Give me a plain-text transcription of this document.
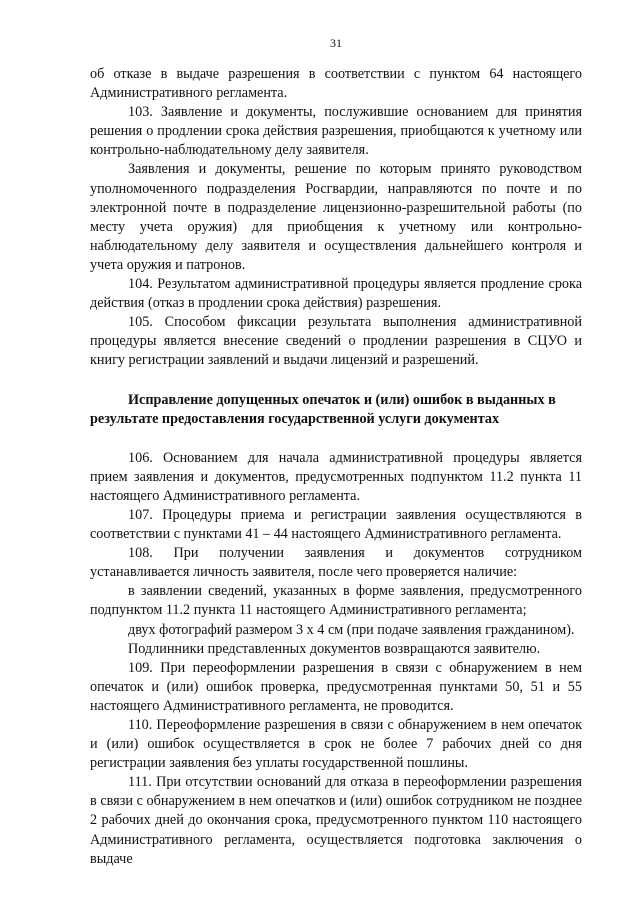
31

об отказе в выдаче разрешения в соответствии с пунктом 64 настоящего Административного регламента.

103. Заявление и документы, послужившие основанием для принятия решения о продлении срока действия разрешения, приобщаются к учетному или контрольно-наблюдательному делу заявителя.

Заявления и документы, решение по которым принято руководством уполномоченного подразделения Росгвардии, направляются по почте и по электронной почте в подразделение лицензионно-разрешительной работы (по месту учета оружия) для приобщения к учетному или контрольно-наблюдательному делу заявителя и осуществления дальнейшего контроля и учета оружия и патронов.

104. Результатом административной процедуры является продление срока действия (отказ в продлении срока действия) разрешения.

105. Способом фиксации результата выполнения административной процедуры является внесение сведений о продлении разрешения в СЦУО и книгу регистрации заявлений и выдачи лицензий и разрешений.

Исправление допущенных опечаток и (или) ошибок в выданных в результате предоставления государственной услуги документах

106. Основанием для начала административной процедуры является прием заявления и документов, предусмотренных подпунктом 11.2 пункта 11 настоящего Административного регламента.

107. Процедуры приема и регистрации заявления осуществляются в соответствии с пунктами 41 – 44 настоящего Административного регламента.

108. При получении заявления и документов сотрудником устанавливается личность заявителя, после чего проверяется наличие:

в заявлении сведений, указанных в форме заявления, предусмотренного подпунктом 11.2 пункта 11 настоящего Административного регламента;

двух фотографий размером 3 х 4 см (при подаче заявления гражданином).

Подлинники представленных документов возвращаются заявителю.

109. При переоформлении разрешения в связи с обнаружением в нем опечаток и (или) ошибок проверка, предусмотренная пунктами 50, 51 и 55 настоящего Административного регламента, не проводится.

110. Переоформление разрешения в связи с обнаружением в нем опечаток и (или) ошибок осуществляется в срок не более 7 рабочих дней со дня регистрации заявления без уплаты государственной пошлины.

111. При отсутствии оснований для отказа в переоформлении разрешения в связи с обнаружением в нем опечатков и (или) ошибок сотрудником не позднее 2 рабочих дней до окончания срока, предусмотренного пунктом 110 настоящего Административного регламента, осуществляется подготовка заключения о выдаче
